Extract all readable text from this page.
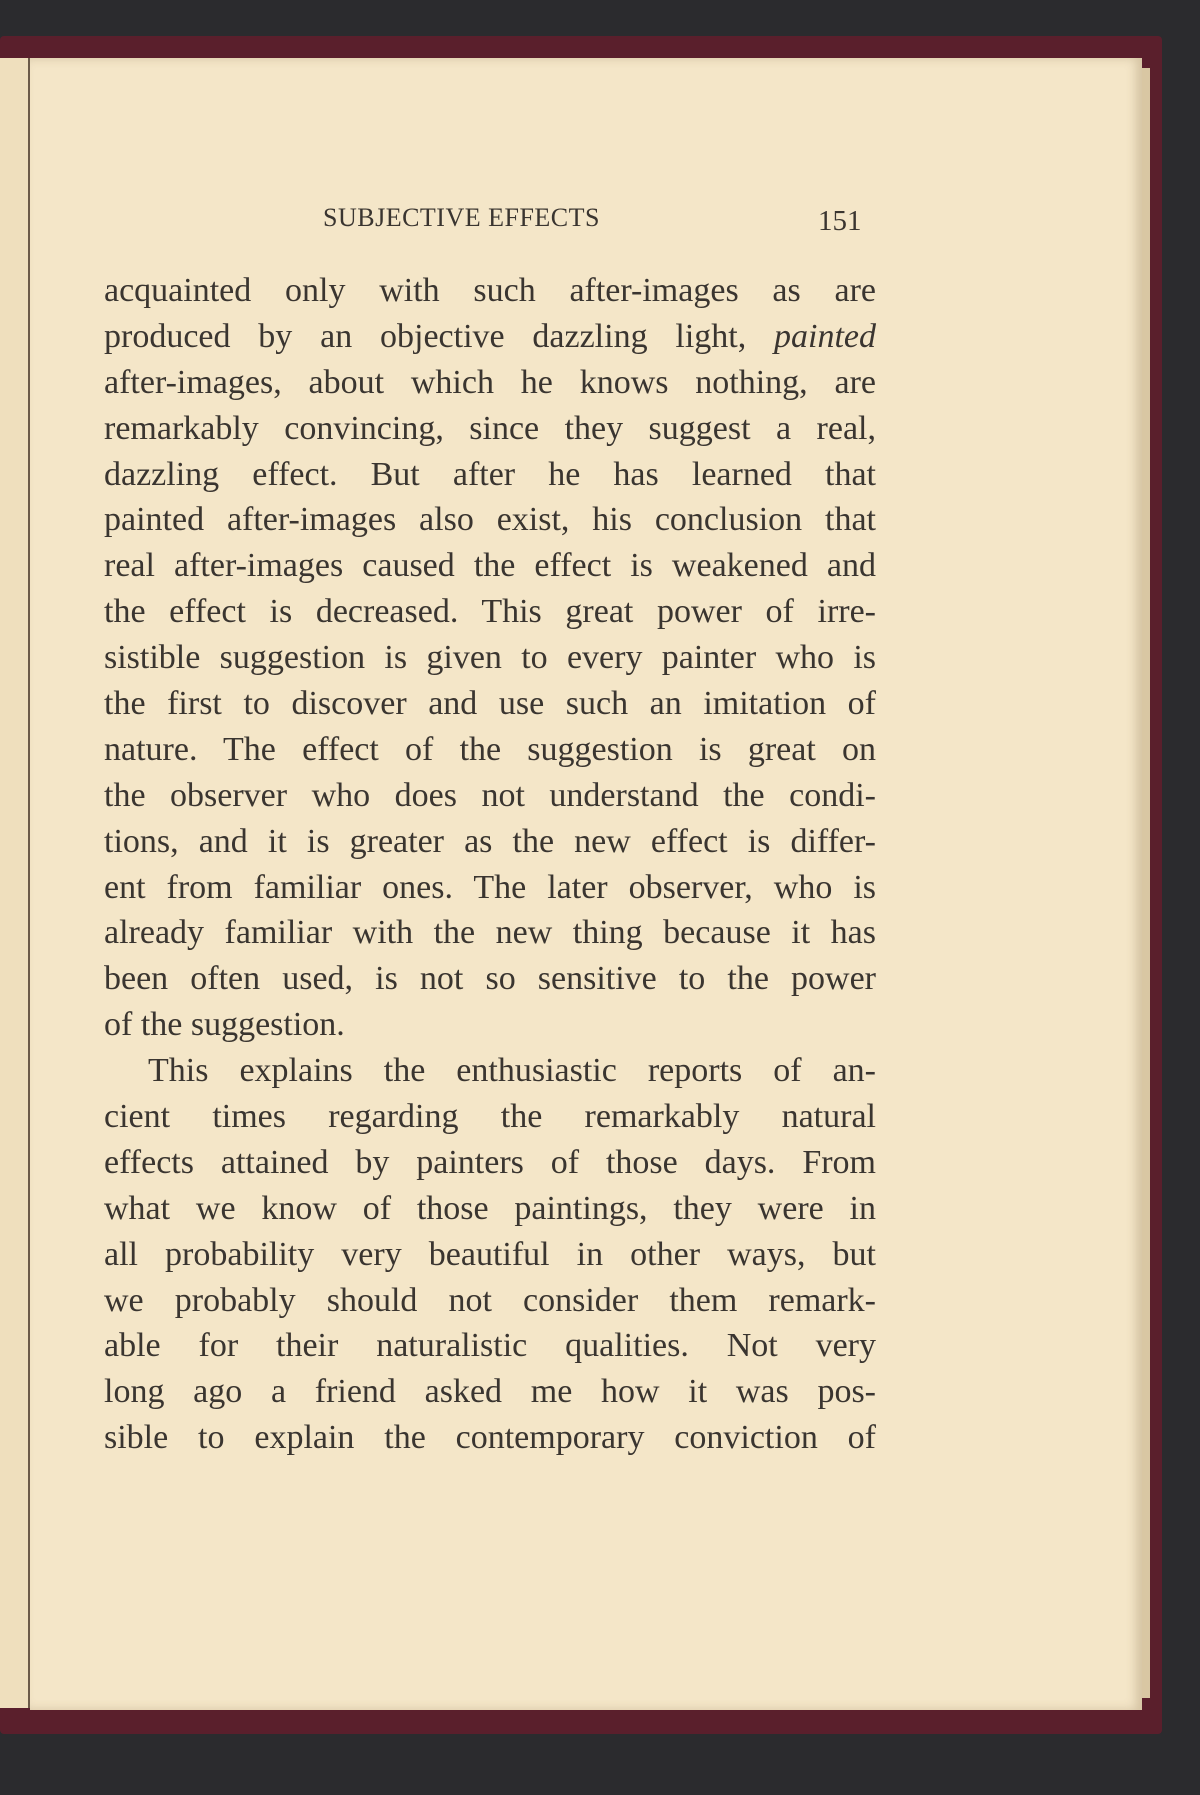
SUBJECTIVE EFFECTS	151
acquainted only with such after-images as are
produced by an objective dazzling light, painted
after-images, about which he knows nothing, are
remarkably convincing, since they suggest a real,
dazzling effect. But after he has learned that
painted after-images also exist, his conclusion that
real after-images caused the effect is weakened and
the effect is decreased. This great power of irre-
sistible suggestion is given to every painter who is
the first to discover and use such an imitation of
nature. The effect of the suggestion is great on
the observer who does not understand the condi-
tions, and it is greater as the new effect is differ-
ent from familiar ones. The later observer, who is
already familiar with the new thing because it has
been often used, is not so sensitive to the power
of the suggestion.
This explains the enthusiastic reports of an-
cient times regarding the remarkably natural
effects attained by painters of those days. From
what we know of those paintings, they were in
all probability very beautiful in other ways, but
we probably should not consider them remark-
able for their naturalistic qualities. Not very
long ago a friend asked me how it was pos-
sible to explain the contemporary conviction of
